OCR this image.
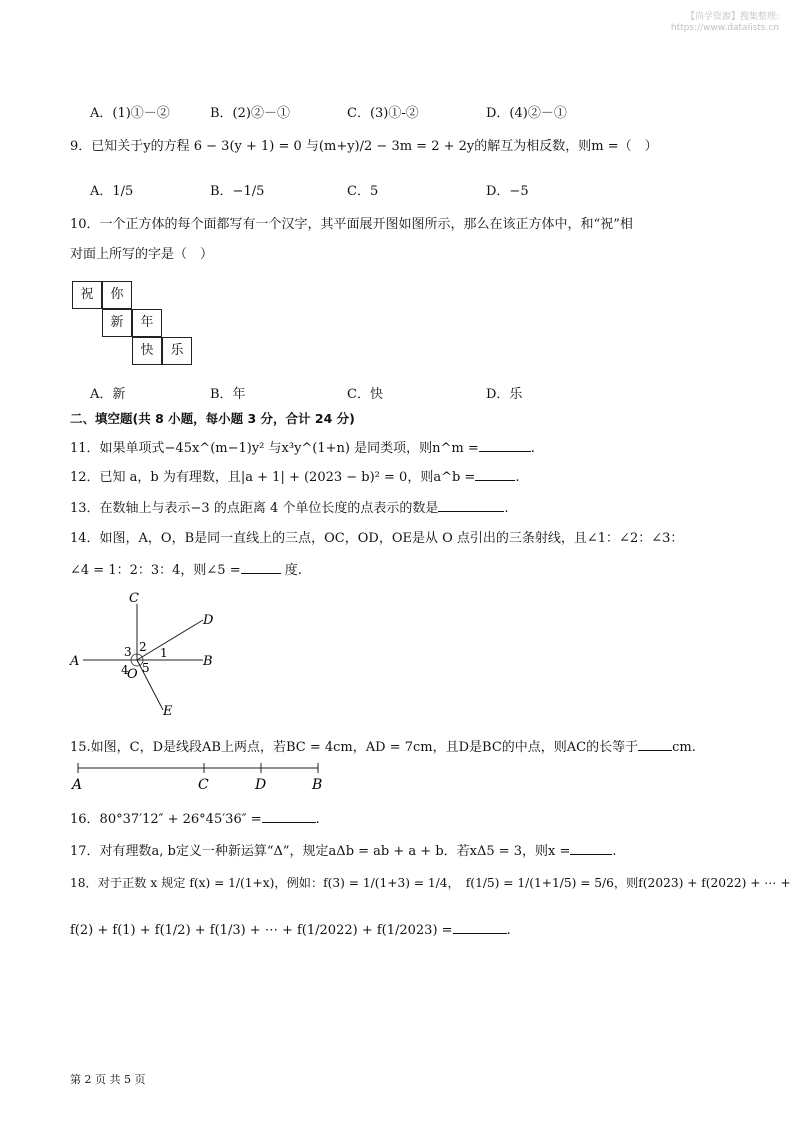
【尚学资源】搜集整理:
https://www.datalists.cn
A．(1)①－②	B．(2)②－①	C．(3)①-②	D．(4)②－①
9．已知关于y的方程 6 − 3(y + 1) = 0 与(m+y)/2 − 3m = 2 + 2y的解互为相反数，则m =（　）
A．1/5	B．−1/5	C．5	D．−5
10．一个正方体的每个面都写有一个汉字，其平面展开图如图所示，那么在该正方体中，和“祝”相
对面上所写的字是（　）
祝	你
新	年
快	乐
A．新	B．年	C．快	D．乐
二、填空题(共 8 小题，每小题 3 分，合计 24 分)
11．如果单项式−45x^(m−1)y² 与x³y^(1+n) 是同类项，则n^m =	.
12．已知 a，b 为有理数，且|a + 1| + (2023 − b)² = 0，则a^b =	.
13．在数轴上与表示−3 的点距离 4 个单位长度的点表示的数是	.
14．如图，A，O，B是同一直线上的三点，OC，OD，OE是从 O 点引出的三条射线，且∠1：∠2：∠3：
∠4 = 1：2：3：4，则∠5 =	度.
C
D
A	B
E
O
1
2
3
4 5
15.如图，C，D是线段AB上两点，若BC = 4cm，AD = 7cm，且D是BC的中点，则AC的长等于	cm.
A	C	D	B
16．80°37′12″ + 26°45′36″ =	.
17．对有理数a, b定义一种新运算“Δ”，规定aΔb = ab + a + b．若xΔ5 = 3，则x =	.
18．对于正数 x 规定 f(x) = 1/(1+x)，例如：f(3) = 1/(1+3) = 1/4，　f(1/5) = 1/(1+1/5) = 5/6，则f(2023) + f(2022) + ⋯ +
f(2) + f(1) + f(1/2) + f(1/3) + ⋯ + f(1/2022) + f(1/2023) =	.
第 2 页 共 5 页
